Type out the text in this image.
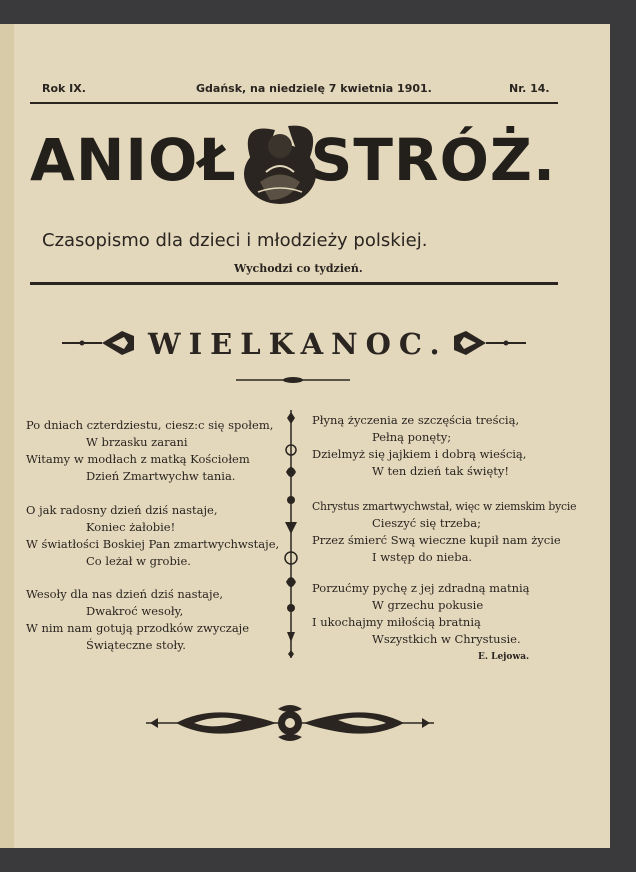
Rok IX.	Gdańsk, na niedzielę 7 kwietnia 1901.	Nr. 14.
ANIOŁ STRÓŻ.
Czasopismo dla dzieci i młodzieży polskiej.
Wychodzi co tydzień.
WIELKANOC.
Po dniach czterdziestu, ciesz:c się społem,
W brzasku zarani
Witamy w modłach z matką Kościołem
Dzień Zmartwychw tania.
O jak radosny dzień dziś nastaje,
Koniec żałobie!
W światłości Boskiej Pan zmartwychwstaje,
Co leżał w grobie.
Wesoły dla nas dzień dziś nastaje,
Dwakroć wesoły,
W nim nam gotują przodków zwyczaje
Świąteczne stoły.
Płyną życzenia ze szczęścia treścią,
Pełną ponęty;
Dzielmyż się jajkiem i dobrą wieścią,
W ten dzień tak święty!
Chrystus zmartwychwstał, więc w ziemskim bycie
Cieszyć się trzeba;
Przez śmierć Swą wieczne kupił nam życie
I wstęp do nieba.
Porzućmy pychę z jej zdradną matnią
W grzechu pokusie
I ukochajmy miłością bratnią
Wszystkich w Chrystusie.
E. Lejowa.
